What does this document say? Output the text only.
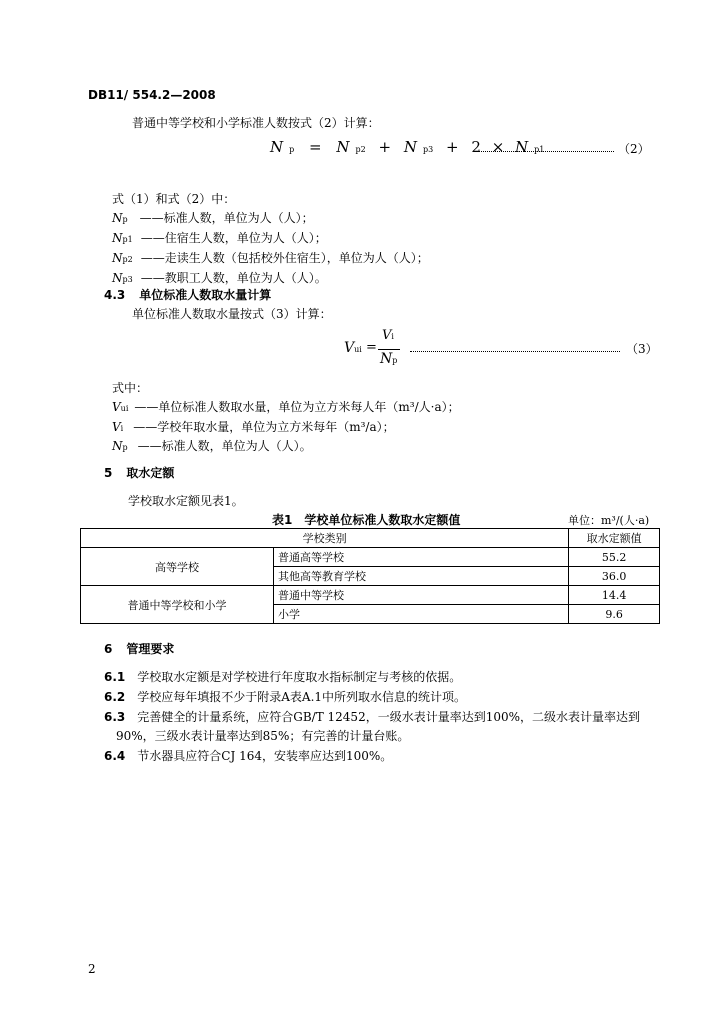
DB11/ 554.2—2008
普通中等学校和小学标准人数按式（2）计算：
Np = N p2 + N p3 + 2 × N p1	（2）
式（1）和式（2）中：
Np ——标准人数，单位为人（人）；
Np1 ——住宿生人数，单位为人（人）；
Np2 ——走读生人数（包括校外住宿生），单位为人（人）；
Np3 ——教职工人数，单位为人（人）。
4.3 单位标准人数取水量计算
单位标准人数取水量按式（3）计算：
Vui =
Vi
Np
（3）
式中：
Vui ——单位标准人数取水量，单位为立方米每人年（m³/人·a）；
Vi ——学校年取水量，单位为立方米每年（m³/a）；
Np ——标准人数，单位为人（人）。
5 取水定额
学校取水定额见表1。
表1　学校单位标准人数取水定额值	单位：m³/(人·a)
学校类别		取水定额值
高等学校	普通高等学校	55.2
	其他高等教育学校	36.0
普通中等学校和小学	普通中等学校	14.4
	小学	9.6
6 管理要求
6.1 学校取水定额是对学校进行年度取水指标制定与考核的依据。
6.2 学校应每年填报不少于附录A表A.1中所列取水信息的统计项。
6.3 完善健全的计量系统，应符合GB/T 12452，一级水表计量率达到100%，二级水表计量率达到
90%，三级水表计量率达到85%；有完善的计量台账。
6.4 节水器具应符合CJ 164，安装率应达到100%。
2
